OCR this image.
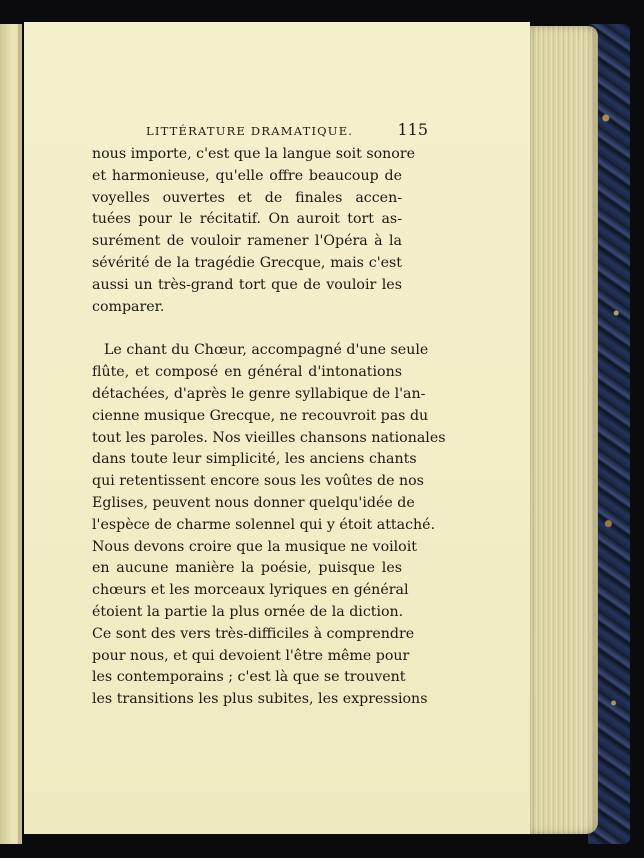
LITTÉRATURE DRAMATIQUE.	115
nous importe, c'est que la langue soit sonore
et harmonieuse, qu'elle offre beaucoup de
voyelles ouvertes et de finales accen-
tuées pour le récitatif. On auroit tort as-
surément de vouloir ramener l'Opéra à la
sévérité de la tragédie Grecque, mais c'est
aussi un très-grand tort que de vouloir les
comparer.
Le chant du Chœur, accompagné d'une seule
flûte, et composé en général d'intonations
détachées, d'après le genre syllabique de l'an-
cienne musique Grecque, ne recouvroit pas du
tout les paroles. Nos vieilles chansons nationales
dans toute leur simplicité, les anciens chants
qui retentissent encore sous les voûtes de nos
Eglises, peuvent nous donner quelqu'idée de
l'espèce de charme solennel qui y étoit attaché.
Nous devons croire que la musique ne voiloit
en aucune manière la poésie, puisque les
chœurs et les morceaux lyriques en général
étoient la partie la plus ornée de la diction.
Ce sont des vers très-difficiles à comprendre
pour nous, et qui devoient l'être même pour
les contemporains ; c'est là que se trouvent
les transitions les plus subites, les expressions
